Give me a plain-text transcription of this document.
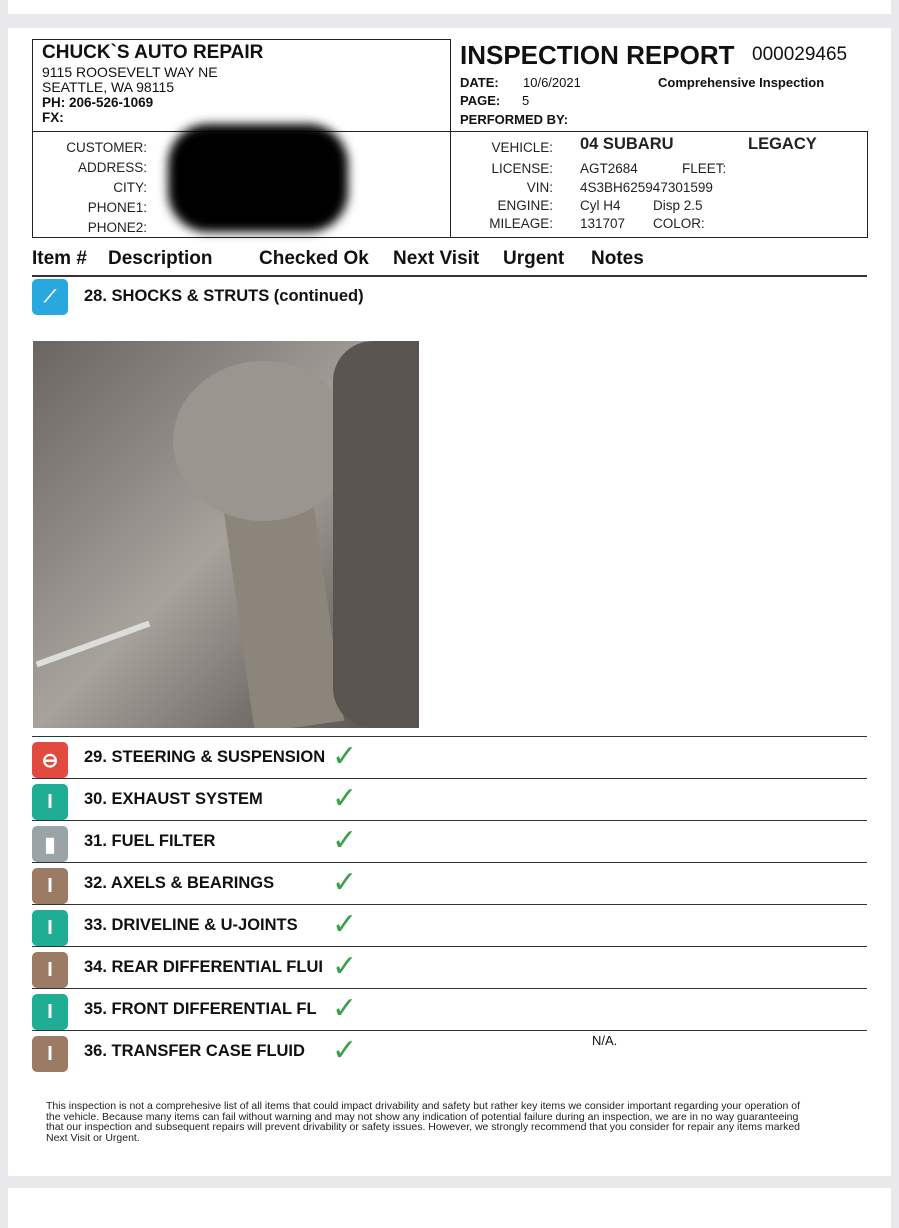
CHUCK`S AUTO REPAIR
9115 ROOSEVELT WAY NE
SEATTLE, WA 98115
PH: 206-526-1069
FX:
INSPECTION REPORT 000029465
DATE: 10/6/2021	Comprehensive Inspection
PAGE: 5
PERFORMED BY:
CUSTOMER:
ADDRESS:
CITY:
PHONE1:
PHONE2:
VEHICLE: 04 SUBARU	LEGACY
LICENSE: AGT2684	FLEET:
VIN: 4S3BH625947301599
ENGINE: Cyl H4 Disp 2.5
MILEAGE: 131707 COLOR:
Item # Description Checked Ok Next Visit Urgent Notes
⟋	28. SHOCKS & STRUTS (continued)
⊖	29. STEERING & SUSPENSION ✓
I	30. EXHAUST SYSTEM	✓
▮	31. FUEL FILTER	✓
I	32. AXELS & BEARINGS	✓
I	33. DRIVELINE & U-JOINTS	✓
I	34. REAR DIFFERENTIAL FLUI ✓
I	35. FRONT DIFFERENTIAL FL ✓
I	36. TRANSFER CASE FLUID ✓	N/A.
This inspection is not a comprehesive list of all items that could impact drivability and safety but rather key items we consider important regarding your operation of the vehicle. Because many items can fail without warning and may not show any indication of potential failure during an inspection, we are in no way guaranteeing that our inspection and subsequent repairs will prevent drivability or safety issues. However, we strongly recommend that you consider for repair any items marked Next Visit or Urgent.
